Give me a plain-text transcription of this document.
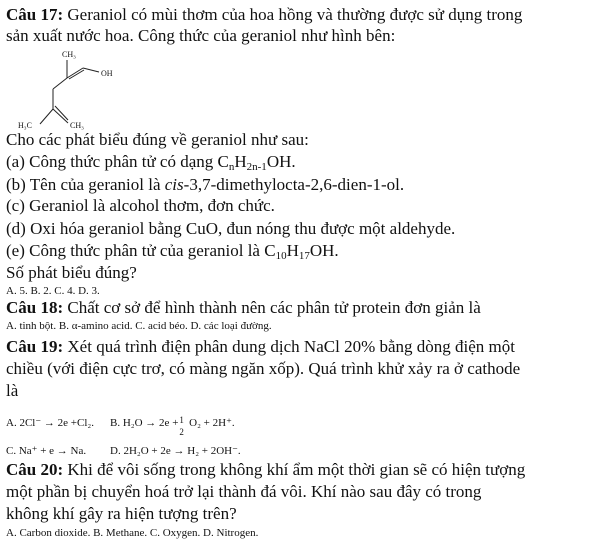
Câu 17: Geraniol có mùi thơm của hoa hồng và thường được sử dụng trong
sản xuất nước hoa. Công thức của geraniol như hình bên:
CH₃
OH
H₃C	CH₃
Cho các phát biểu đúng về geraniol như sau:
(a) Công thức phân tử có dạng $C_nH_{2n-1}OH$.
(b) Tên của geraniol là cis-3,7-dimethylocta-2,6-dien-1-ol.
(c) Geraniol là alcohol thơm, đơn chức.
(d) Oxi hóa geraniol bằng CuO, đun nóng thu được một aldehyde.
(e) Công thức phân tử của geraniol là $C_{10}H_{17}OH$.
Số phát biểu đúng?
A. 5. B. 2. C. 4. D. 3.
Câu 18: Chất cơ sở để hình thành nên các phân tử protein đơn giản là
A. tinh bột. B. α-amino acid. C. acid béo. D. các loại đường.
Câu 19: Xét quá trình điện phân dung dịch NaCl 20% bằng dòng điện một
chiều (với điện cực trơ, có màng ngăn xốp). Quá trình khử xảy ra ở cathode
là
A. 2Cl⁻ → 2e +Cl₂. B. H₂O → 2e + 1
2
O₂ + 2H⁺.
C. Na⁺ + e → Na. D. 2H₂O + 2e → H₂ + 2OH⁻.
Câu 20: Khi để vôi sống trong không khí ẩm một thời gian sẽ có hiện tượng
một phần bị chuyển hoá trở lại thành đá vôi. Khí nào sau đây có trong
không khí gây ra hiện tượng trên?
A. Carbon dioxide. B. Methane. C. Oxygen. D. Nitrogen.
